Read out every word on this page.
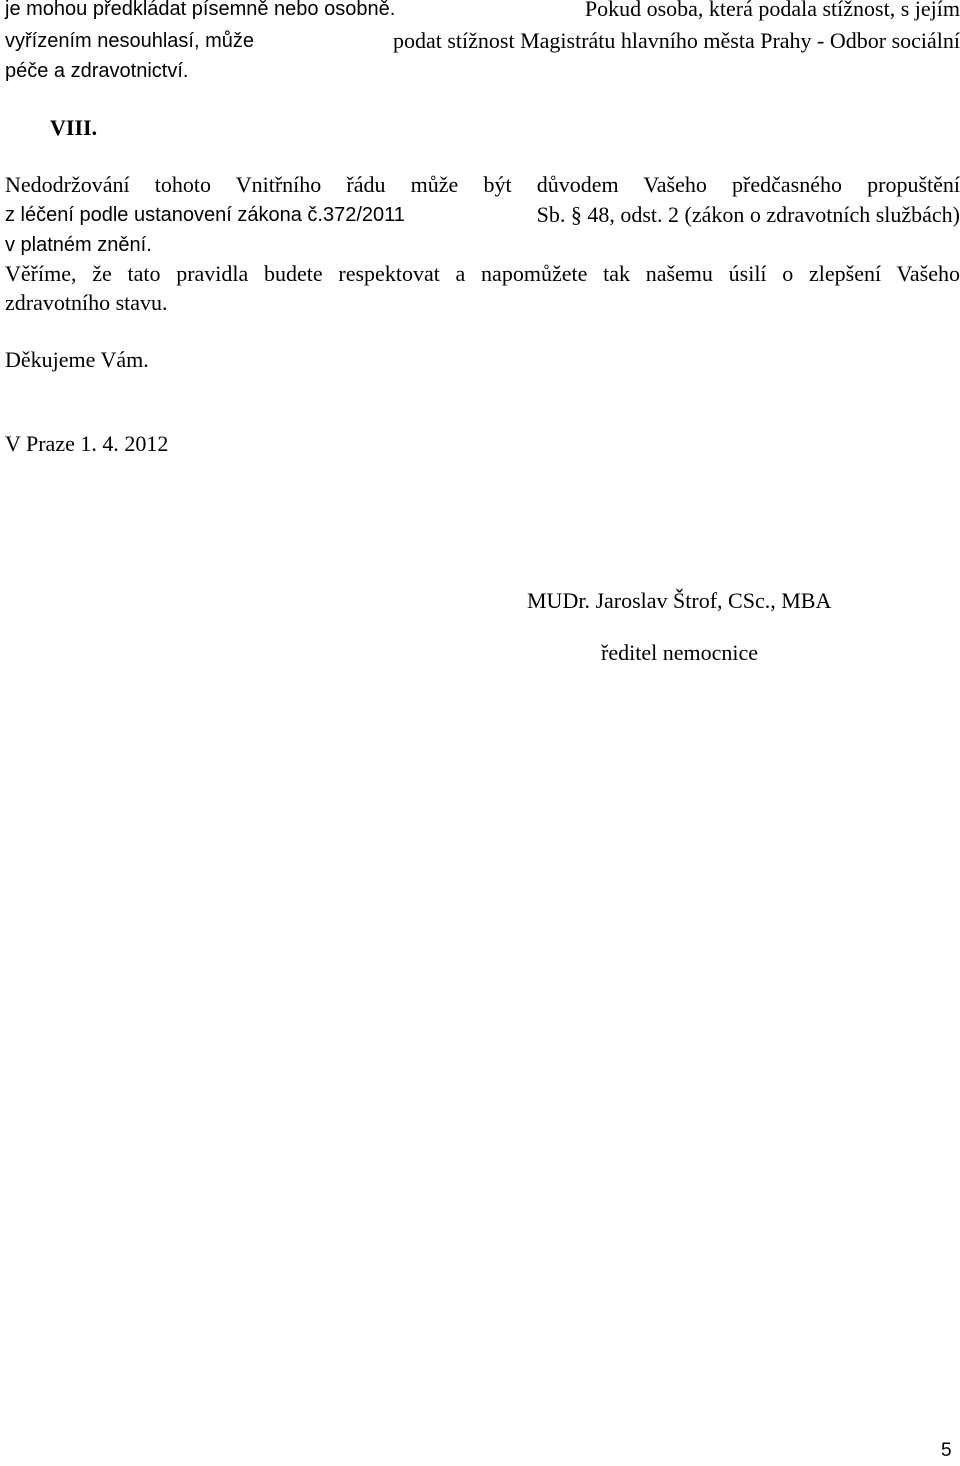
je mohou předkládat písemně nebo osobně.	Pokud osoba, která podala stížnost, s jejím
vyřízením nesouhlasí, může	podat stížnost Magistrátu hlavního města Prahy - Odbor sociální
péče a zdravotnictví.
VIII.
Nedodržování tohoto Vnitřního řádu může být důvodem Vašeho předčasného propuštění
z léčení podle ustanovení zákona č.372/2011	Sb. § 48, odst. 2 (zákon o zdravotních službách)
v platném znění.
Věříme, že tato pravidla budete respektovat a napomůžete tak našemu úsilí o zlepšení Vašeho
zdravotního stavu.
Děkujeme Vám.
V Praze 1. 4. 2012
MUDr. Jaroslav Štrof, CSc., MBA
ředitel nemocnice
5
